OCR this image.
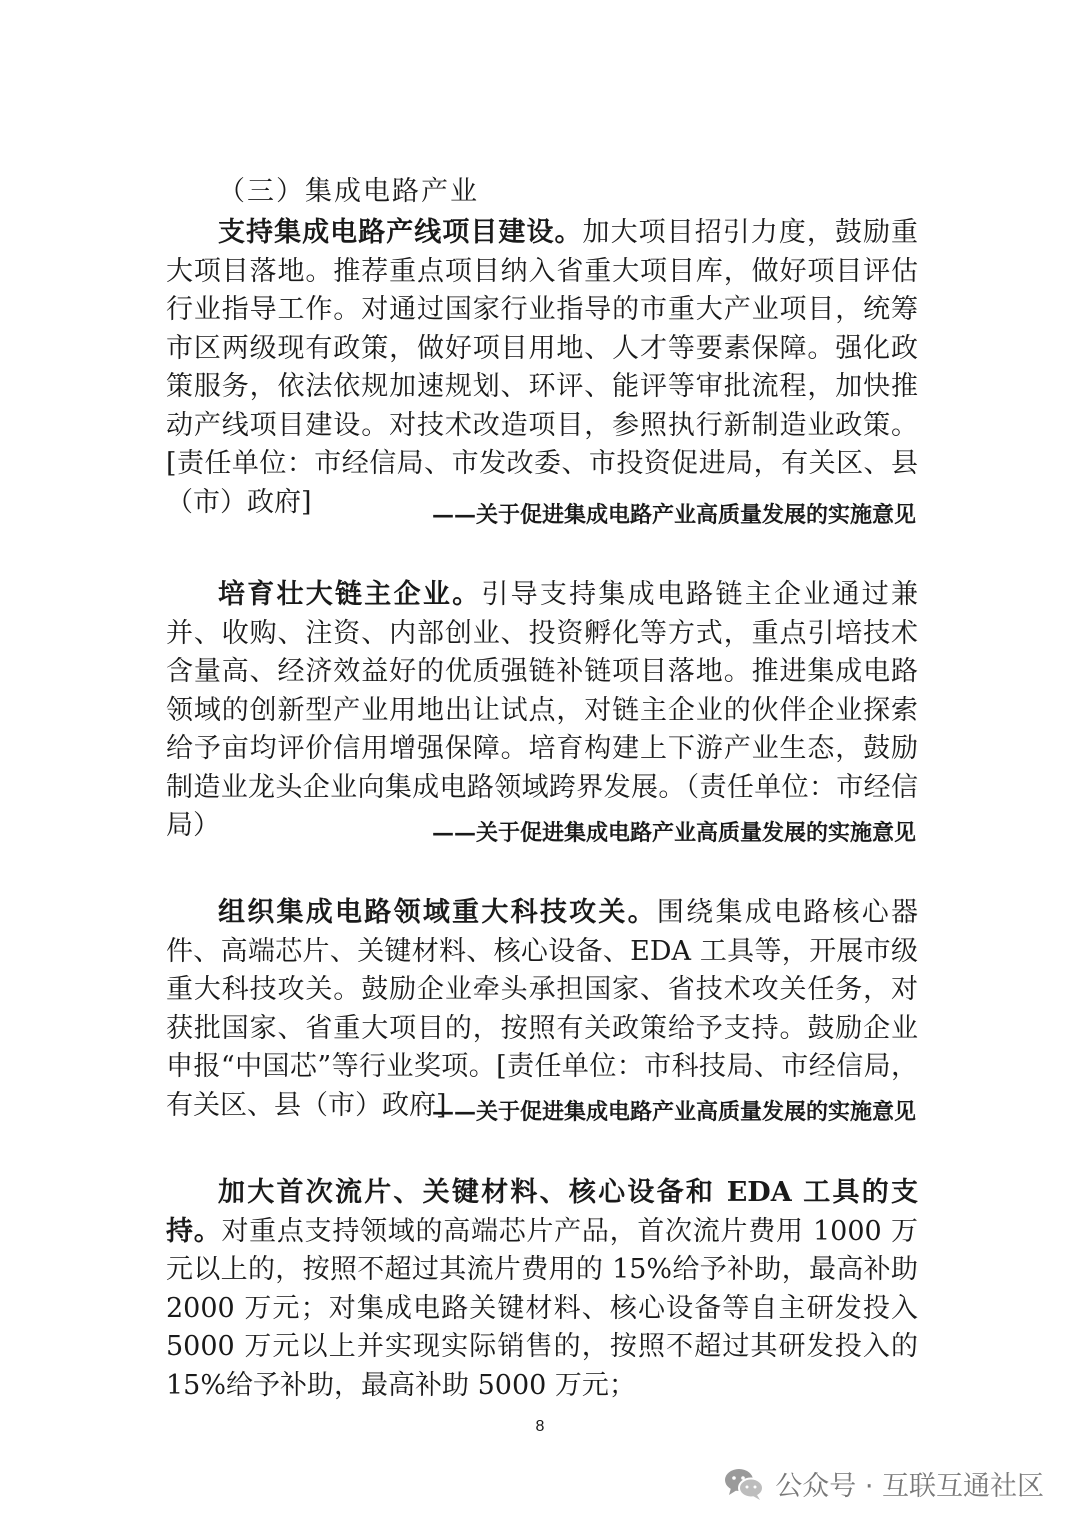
（三）集成电路产业

支持集成电路产线项目建设。加大项目招引力度，鼓励重大项目落地。推荐重点项目纳入省重大项目库，做好项目评估行业指导工作。对通过国家行业指导的市重大产业项目，统筹市区两级现有政策，做好项目用地、人才等要素保障。强化政策服务，依法依规加速规划、环评、能评等审批流程，加快推动产线项目建设。对技术改造项目，参照执行新制造业政策。[责任单位：市经信局、市发改委、市投资促进局，有关区、县（市）政府]	——关于促进集成电路产业高质量发展的实施意见

培育壮大链主企业。引导支持集成电路链主企业通过兼并、收购、注资、内部创业、投资孵化等方式，重点引培技术含量高、经济效益好的优质强链补链项目落地。推进集成电路领域的创新型产业用地出让试点，对链主企业的伙伴企业探索给予亩均评价信用增强保障。培育构建上下游产业生态，鼓励制造业龙头企业向集成电路领域跨界发展。（责任单位：市经信局）	——关于促进集成电路产业高质量发展的实施意见

组织集成电路领域重大科技攻关。围绕集成电路核心器件、高端芯片、关键材料、核心设备、EDA 工具等，开展市级重大科技攻关。鼓励企业牵头承担国家、省技术攻关任务，对获批国家、省重大项目的，按照有关政策给予支持。鼓励企业申报“中国芯”等行业奖项。[责任单位：市科技局、市经信局，有关区、县（市）政府]

——关于促进集成电路产业高质量发展的实施意见

加大首次流片、关键材料、核心设备和 EDA 工具的支持。对重点支持领域的高端芯片产品，首次流片费用 1000 万元以上的，按照不超过其流片费用的 15%给予补助，最高补助 2000 万元；对集成电路关键材料、核心设备等自主研发投入 5000 万元以上并实现实际销售的，按照不超过其研发投入的 15%给予补助，最高补助 5000 万元；

8
公众号 · 互联互通社区
